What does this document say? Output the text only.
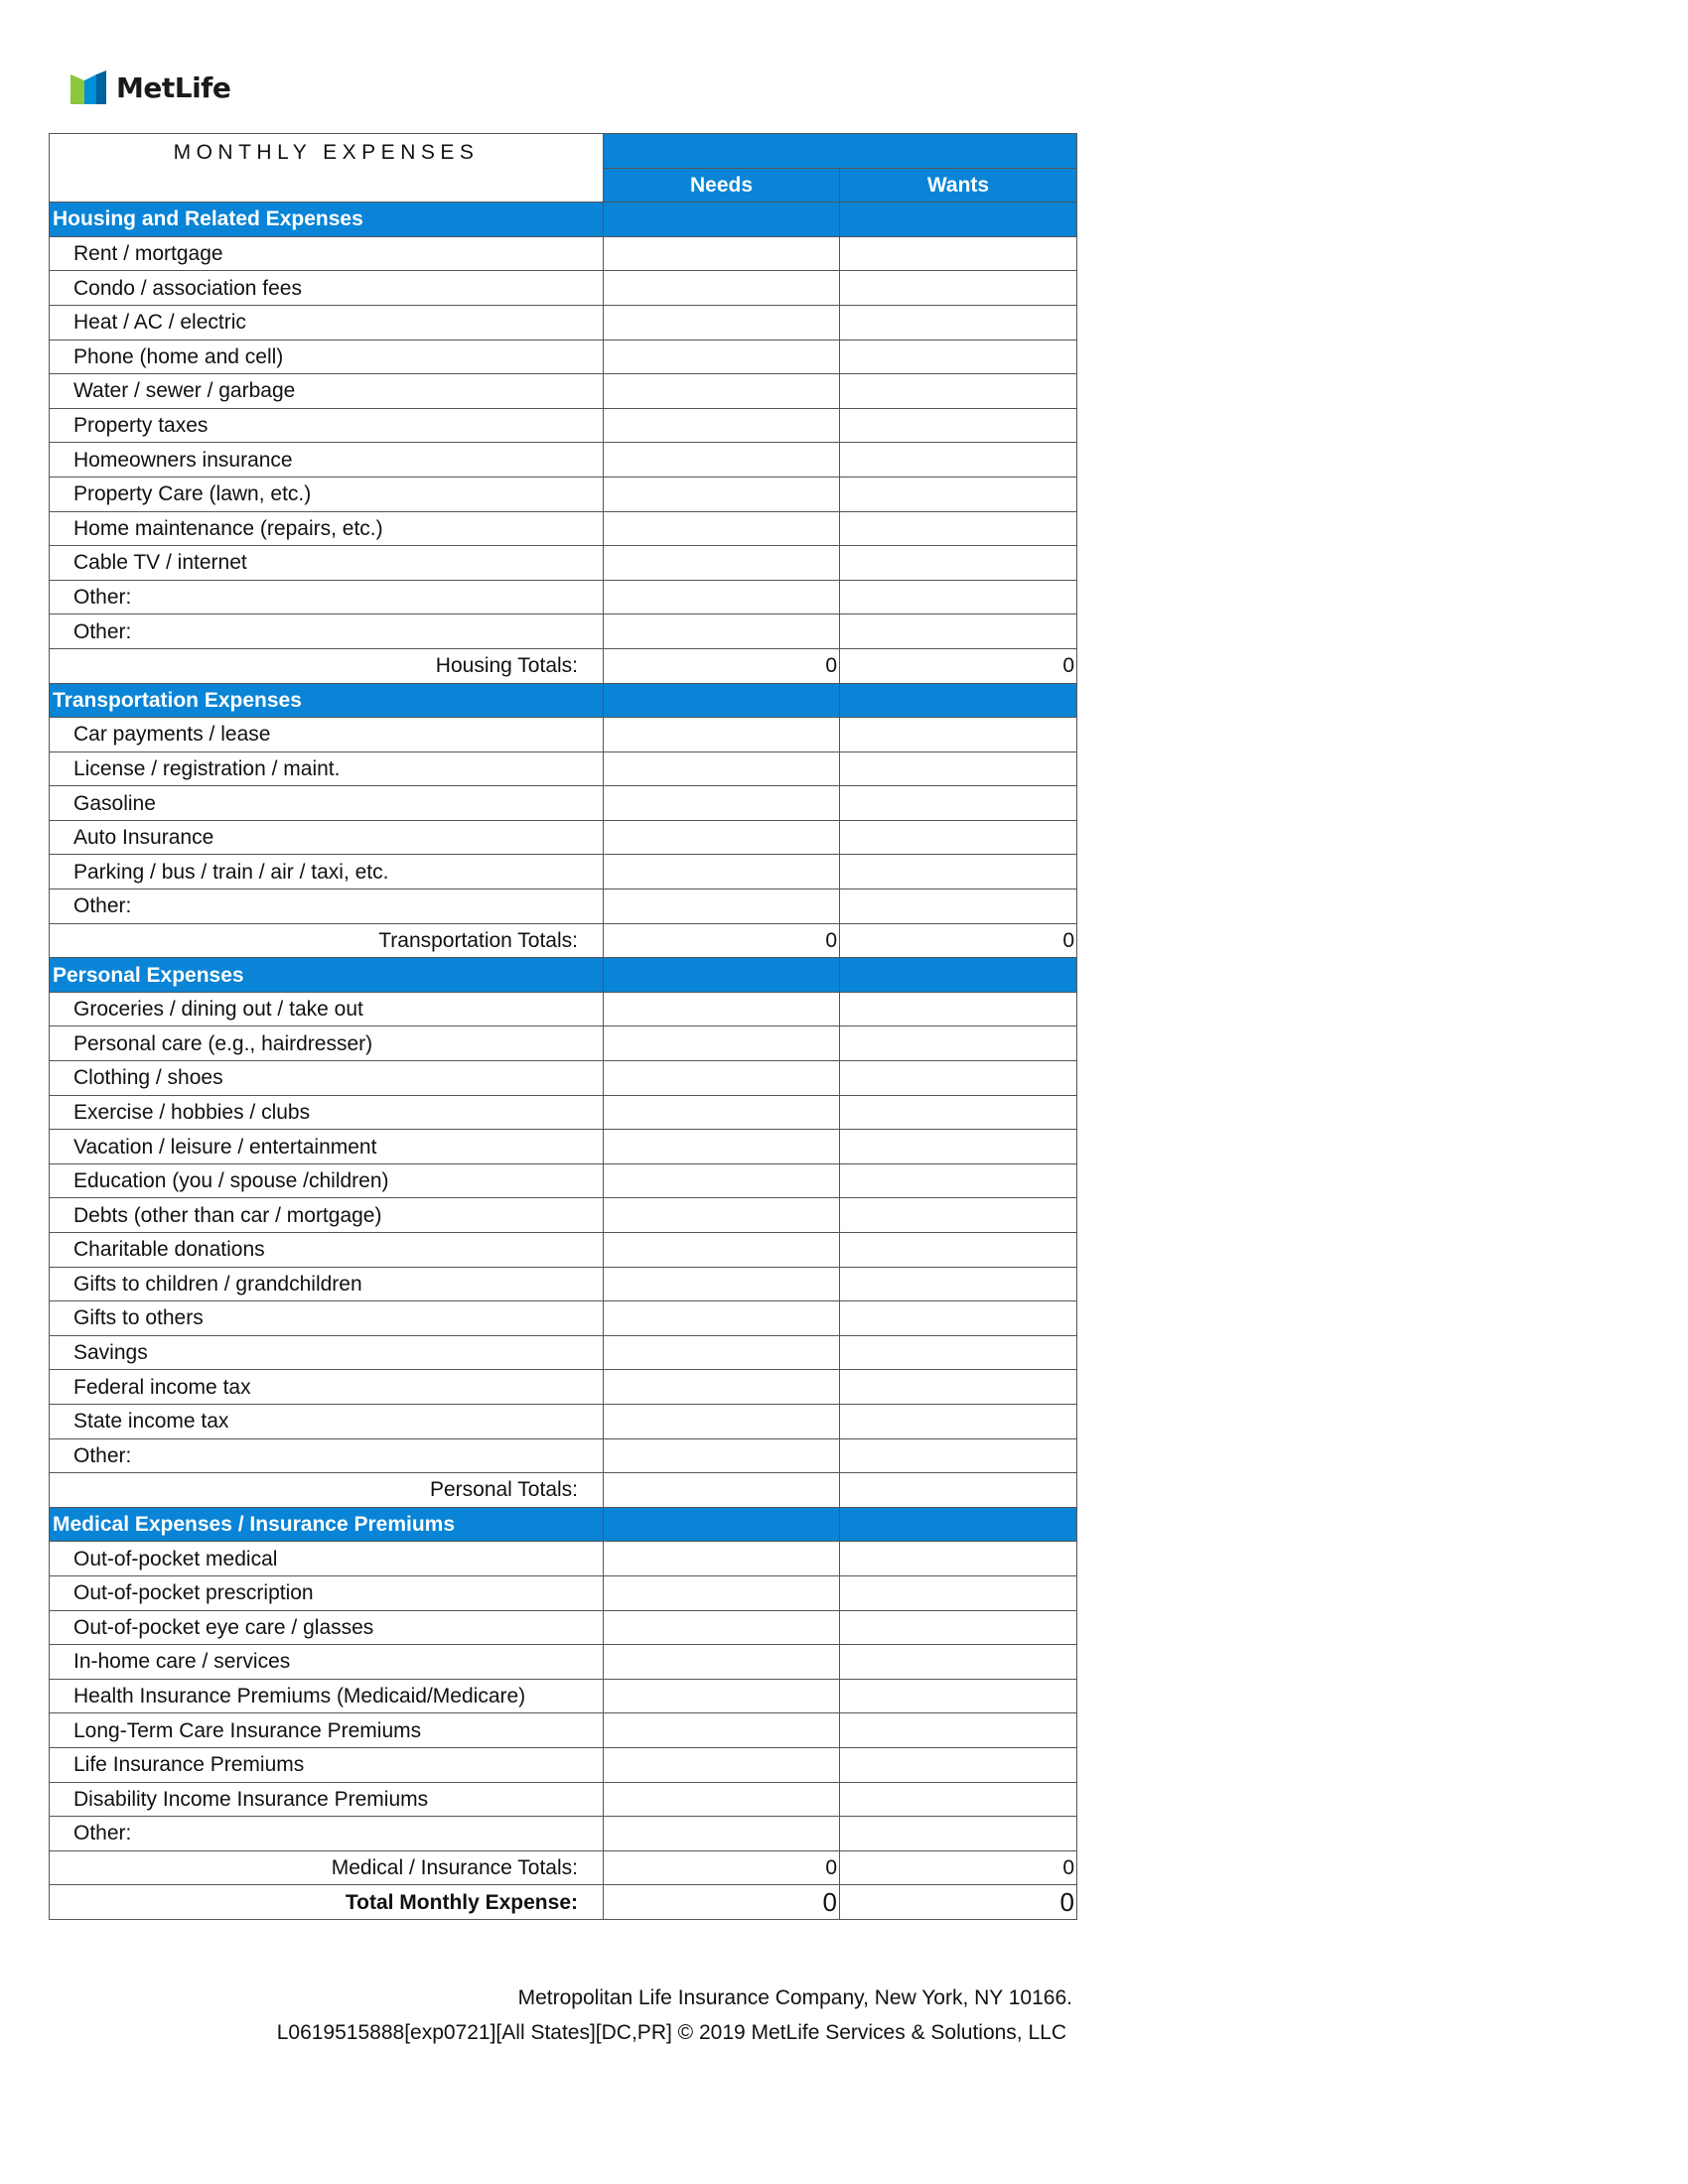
MetLife
MONTHLY EXPENSES		
	Needs	Wants
Housing and Related Expenses		
Rent / mortgage		
Condo / association fees		
Heat / AC / electric		
Phone (home and cell)		
Water / sewer / garbage		
Property taxes		
Homeowners insurance		
Property Care (lawn, etc.)		
Home maintenance (repairs, etc.)		
Cable TV / internet		
Other:		
Other:		
Housing Totals:	0	0
Transportation Expenses		
Car payments / lease		
License / registration / maint.		
Gasoline		
Auto Insurance		
Parking / bus / train / air / taxi, etc.		
Other:		
Transportation Totals:	0	0
Personal Expenses		
Groceries / dining out / take out		
Personal care (e.g., hairdresser)		
Clothing / shoes		
Exercise / hobbies / clubs		
Vacation / leisure / entertainment		
Education (you / spouse /children)		
Debts (other than car / mortgage)		
Charitable donations		
Gifts to children / grandchildren		
Gifts to others		
Savings		
Federal income tax		
State income tax		
Other:		
Personal Totals:		
Medical Expenses / Insurance Premiums		
Out-of-pocket medical		
Out-of-pocket prescription		
Out-of-pocket eye care / glasses		
In-home care / services		
Health Insurance Premiums (Medicaid/Medicare)		
Long-Term Care Insurance Premiums		
Life Insurance Premiums		
Disability Income Insurance Premiums		
Other:		
Medical / Insurance Totals:	0	0
Total Monthly Expense:	0	0
Metropolitan Life Insurance Company, New York, NY 10166.
L0619515888[exp0721][All States][DC,PR] © 2019 MetLife Services & Solutions, LLC
